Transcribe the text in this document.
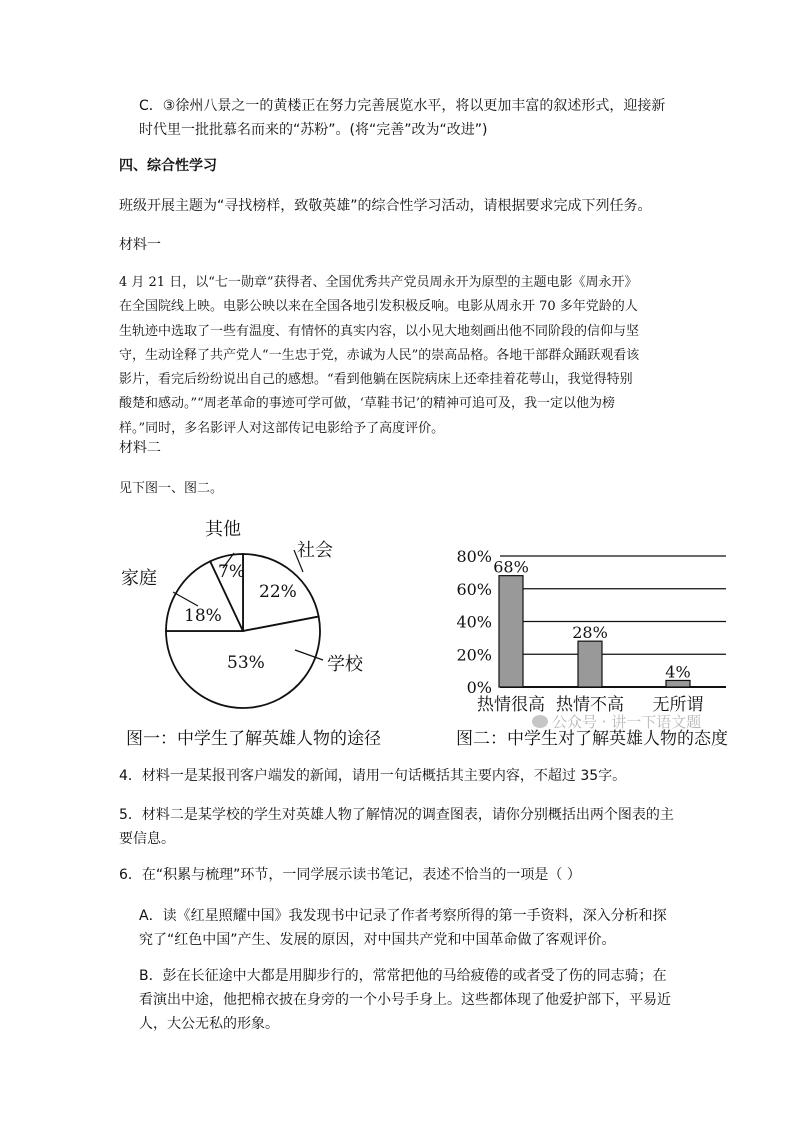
C．③徐州八景之一的黄楼正在努力完善展览水平，将以更加丰富的叙述形式，迎接新

时代里一批批慕名而来的“苏粉”。(将“完善”改为“改进”)

四、综合性学习

班级开展主题为“寻找榜样，致敬英雄”的综合性学习活动，请根据要求完成下列任务。

材料一

4 月 21 日，以“七一勋章”获得者、全国优秀共产党员周永开为原型的主题电影《周永开》
在全国院线上映。电影公映以来在全国各地引发积极反响。电影从周永开 70 多年党龄的人
生轨迹中选取了一些有温度、有情怀的真实内容，以小见大地刻画出他不同阶段的信仰与坚
守，生动诠释了共产党人“一生忠于党，赤诚为人民”的崇高品格。各地干部群众踊跃观看该
影片，看完后纷纷说出自己的感想。“看到他躺在医院病床上还牵挂着花萼山，我觉得特别
酸楚和感动。”“周老革命的事迹可学可做，‘草鞋书记’的精神可追可及，我一定以他为榜
样。”同时，多名影评人对这部传记电影给予了高度评价。

材料二

见下图一、图二。

社会
学校
家庭
其他
22%
53%
18%
7%
图一：中学生了解英雄人物的途径
0%
20%
40%
60%
80%
68%
28%
4%
热情很高 热情不高 无所谓
图二：中学生对了解英雄人物的态度
公众号 · 讲一下语文题

4．材料一是某报刊客户端发的新闻，请用一句话概括其主要内容，不超过 35字。

5．材料二是某学校的学生对英雄人物了解情况的调查图表，请你分别概括出两个图表的主

要信息。

6．在“积累与梳理”环节，一同学展示读书笔记，表述不恰当的一项是（ ）

A．读《红星照耀中国》我发现书中记录了作者考察所得的第一手资料，深入分析和探

究了“红色中国”产生、发展的原因，对中国共产党和中国革命做了客观评价。

B．彭在长征途中大都是用脚步行的，常常把他的马给疲倦的或者受了伤的同志骑；在

看演出中途，他把棉衣披在身旁的一个小号手身上。这些都体现了他爱护部下，平易近

人，大公无私的形象。
